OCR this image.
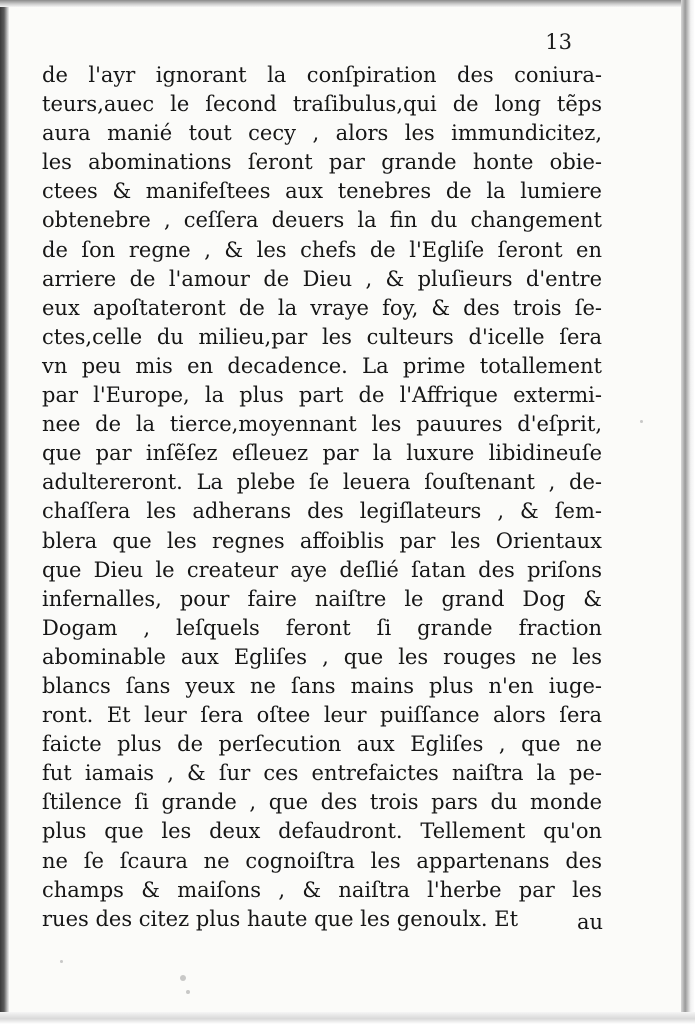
13

de l'ayr ignorant la conſpiration des coniura-
teurs,auec le ſecond traſibulus,qui de long tẽps
aura manié tout cecy , alors les immundicitez,
les abominations ſeront par grande honte obie-
ctees & manifeſtees aux tenebres de la lumiere
obtenebre , ceſſera deuers la fin du changement
de ſon regne , & les chefs de l'Egliſe ſeront en
arriere de l'amour de Dieu , & pluſieurs d'entre
eux apoſtateront de la vraye foy, & des trois ſe-
ctes,celle du milieu,par les culteurs d'icelle ſera
vn peu mis en decadence. La prime totallement
par l'Europe, la plus part de l'Affrique extermi-
nee de la tierce,moyennant les pauures d'eſprit,
que par inſẽſez eſleuez par la luxure libidineuſe
adultereront. La plebe ſe leuera ſouſtenant , de-
chaſſera les adherans des legiſlateurs , & ſem-
blera que les regnes affoiblis par les Orientaux
que Dieu le createur aye deſlié ſatan des priſons
infernalles, pour faire naiſtre le grand Dog &
Dogam , leſquels feront ſi grande fraction
abominable aux Egliſes , que les rouges ne les
blancs ſans yeux ne ſans mains plus n'en iuge-
ront. Et leur ſera oſtee leur puiſſance alors ſera
faicte plus de perſecution aux Egliſes , que ne
fut iamais , & ſur ces entrefaictes naiſtra la pe-
ſtilence ſi grande , que des trois pars du monde
plus que les deux defaudront. Tellement qu'on
ne ſe ſcaura ne cognoiſtra les appartenans des
champs & maiſons , & naiſtra l'herbe par les
rues des citez plus haute que les genoulx. Et	au
